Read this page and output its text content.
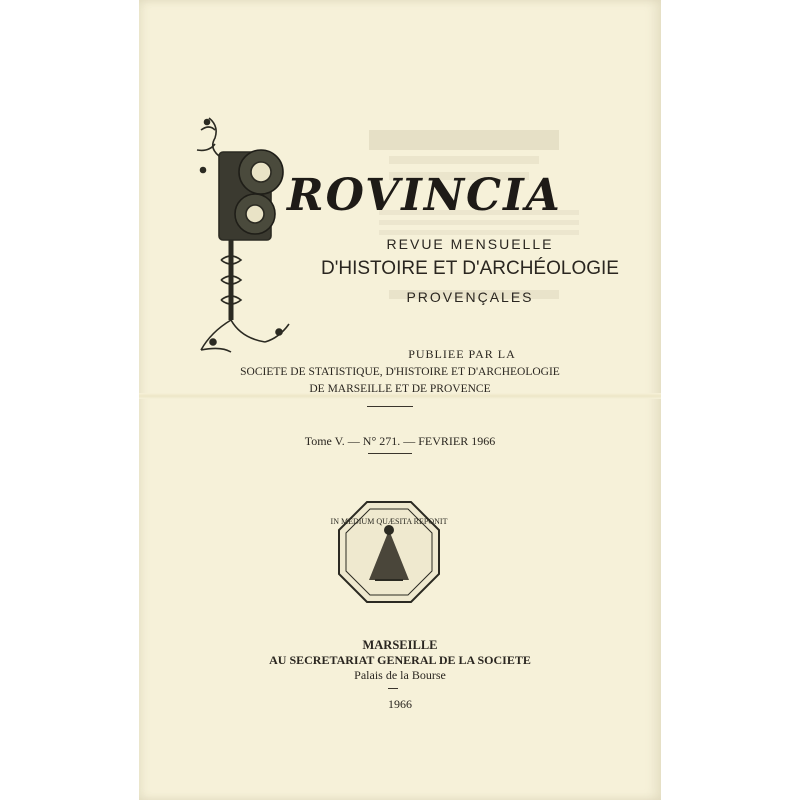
ROVINCIA
REVUE MENSUELLE
D'HISTOIRE ET D'ARCHÉOLOGIE
PROVENÇALES
PUBLIEE PAR LA
SOCIETE DE STATISTIQUE, D'HISTOIRE ET D'ARCHEOLOGIE
DE MARSEILLE ET DE PROVENCE
Tome V. — N° 271. — FEVRIER 1966
IN MEDIUM QUÆSITA REPONIT
MARSEILLE
AU SECRETARIAT GENERAL DE LA SOCIETE
Palais de la Bourse
1966
